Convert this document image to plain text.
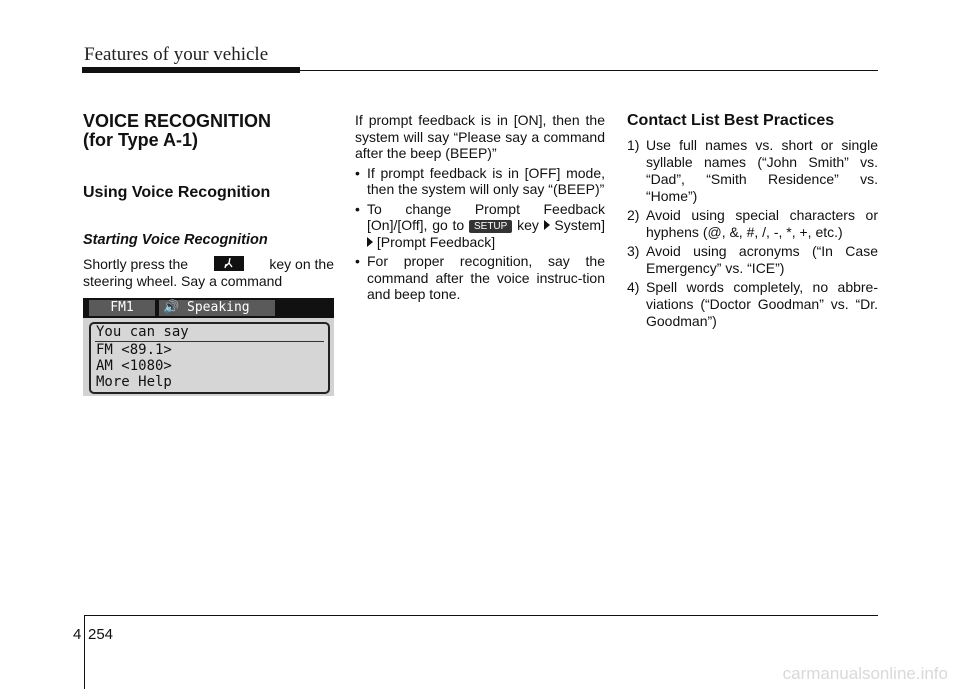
Features of your vehicle
VOICE RECOGNITION
(for Type A-1)
Using Voice Recognition
Starting Voice Recognition
Shortly press the	key on the
steering wheel. Say a command
FM1	🔊 Speaking
You can say
FM <89.1>
AM <1080>
More Help

If prompt feedback is in [ON], then the system will say “Please say a command after the beep (BEEP)”

• If prompt feedback is in [OFF] mode, then the system will only say “(BEEP)”
• To change Prompt Feedback [On]/[Off], go to SETUP key System]  [Prompt Feedback]
• For proper recognition, say the command after the voice instruc-tion and beep tone.
Contact List Best Practices
1) Use full names vs. short or single syllable names (“John Smith” vs. “Dad”, “Smith Residence” vs. “Home”)
2) Avoid using special characters or hyphens (@, &, #, /, -, *, +, etc.)
3) Avoid using acronyms (“In Case Emergency” vs. “ICE”)
4) Spell words completely, no abbre-viations (“Doctor Goodman” vs. “Dr. Goodman”)
4 254
carmanualsonline.info
